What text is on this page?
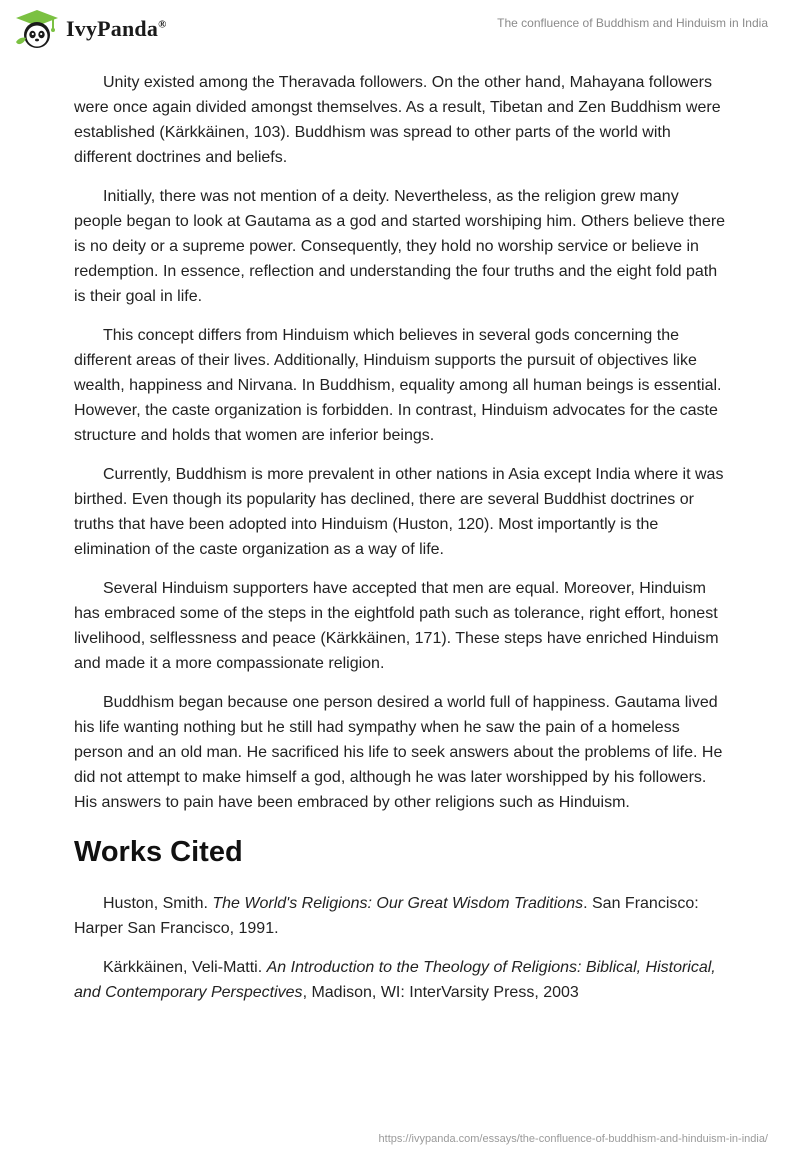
IvyPanda®	The confluence of Buddhism and Hinduism in India

Unity existed among the Theravada followers. On the other hand, Mahayana followers were once again divided amongst themselves. As a result, Tibetan and Zen Buddhism were established (Kärkkäinen, 103). Buddhism was spread to other parts of the world with different doctrines and beliefs.

Initially, there was not mention of a deity. Nevertheless, as the religion grew many people began to look at Gautama as a god and started worshiping him. Others believe there is no deity or a supreme power. Consequently, they hold no worship service or believe in redemption. In essence, reflection and understanding the four truths and the eight fold path is their goal in life.

This concept differs from Hinduism which believes in several gods concerning the different areas of their lives. Additionally, Hinduism supports the pursuit of objectives like wealth, happiness and Nirvana. In Buddhism, equality among all human beings is essential. However, the caste organization is forbidden. In contrast, Hinduism advocates for the caste structure and holds that women are inferior beings.

Currently, Buddhism is more prevalent in other nations in Asia except India where it was birthed. Even though its popularity has declined, there are several Buddhist doctrines or truths that have been adopted into Hinduism (Huston, 120). Most importantly is the elimination of the caste organization as a way of life.

Several Hinduism supporters have accepted that men are equal. Moreover, Hinduism has embraced some of the steps in the eightfold path such as tolerance, right effort, honest livelihood, selflessness and peace (Kärkkäinen, 171). These steps have enriched Hinduism and made it a more compassionate religion.

Buddhism began because one person desired a world full of happiness. Gautama lived his life wanting nothing but he still had sympathy when he saw the pain of a homeless person and an old man. He sacrificed his life to seek answers about the problems of life. He did not attempt to make himself a god, although he was later worshipped by his followers. His answers to pain have been embraced by other religions such as Hinduism.

Works Cited

Huston, Smith. The World's Religions: Our Great Wisdom Traditions. San Francisco: Harper San Francisco, 1991.

Kärkkäinen, Veli-Matti. An Introduction to the Theology of Religions: Biblical, Historical, and Contemporary Perspectives, Madison, WI: InterVarsity Press, 2003

https://ivypanda.com/essays/the-confluence-of-buddhism-and-hinduism-in-india/
